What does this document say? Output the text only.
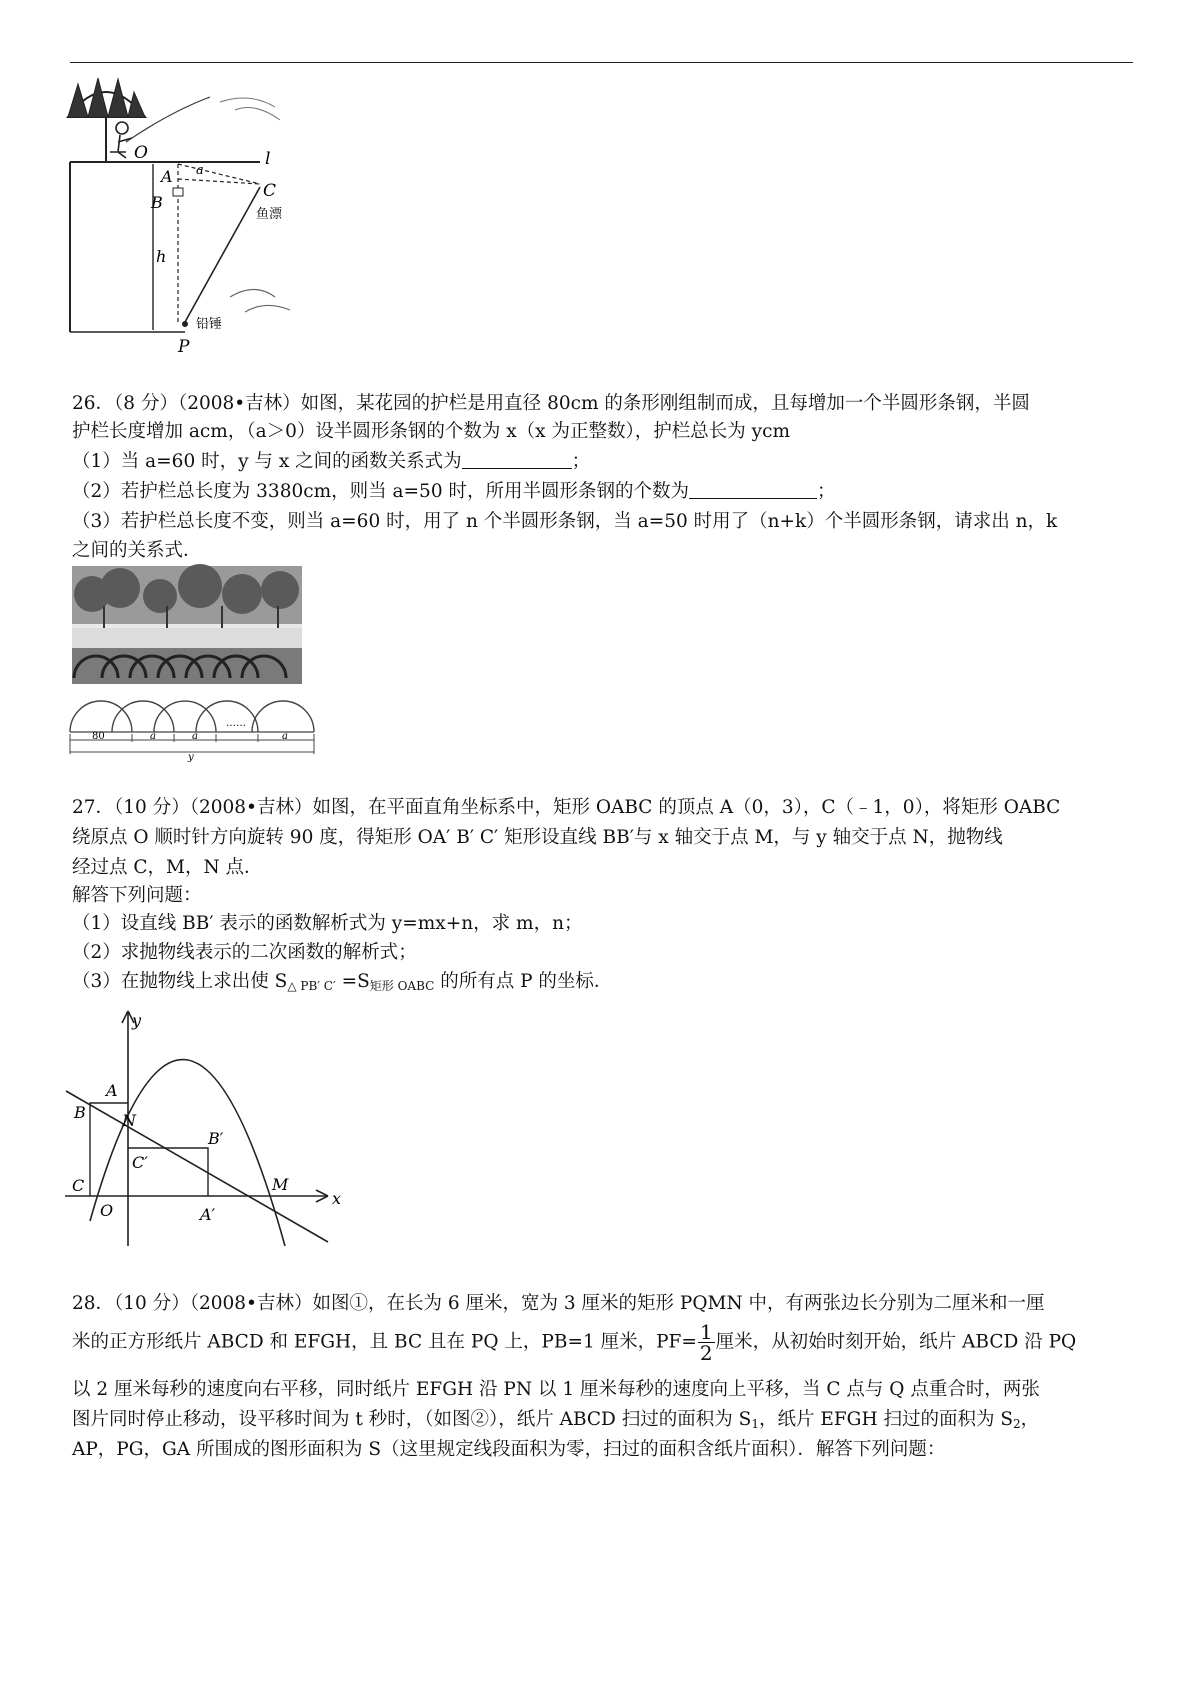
O	l
A a
B
C
鱼漂
h
铅锤
P
26．（8 分）（2008•吉林）如图，某花园的护栏是用直径 80cm 的条形刚组制而成，且每增加一个半圆形条钢，半圆
护栏长度增加 acm，（a＞0）设半圆形条钢的个数为 x（x 为正整数），护栏总长为 ycm
（1）当 a=60 时，y 与 x 之间的函数关系式为	；
（2）若护栏总长度为 3380cm，则当 a=50 时，所用半圆形条钢的个数为	；
（3）若护栏总长度不变，则当 a=60 时，用了 n 个半圆形条钢，当 a=50 时用了（n+k）个半圆形条钢，请求出 n，k
之间的关系式．
80	a	a
……
a
y
27．（10 分）（2008•吉林）如图，在平面直角坐标系中，矩形 OABC 的顶点 A（0，3），C（﹣1，0），将矩形 OABC
绕原点 O 顺时针方向旋转 90 度，得矩形 OA′ B′ C′ 矩形设直线 BB′与 x 轴交于点 M，与 y 轴交于点 N，抛物线
经过点 C，M，N 点．
解答下列问题：
（1）设直线 BB′ 表示的函数解析式为 y=mx+n，求 m，n；
（2）求抛物线表示的二次函数的解析式；
（3）在抛物线上求出使 $S_{\triangle PB' C'} =S_{矩形 OABC}$ 的所有点 P 的坐标．
y
x
A
B N
C′
B′
C
O	A′
M
28．（10 分）（2008•吉林）如图①，在长为 6 厘米，宽为 3 厘米的矩形 PQMN 中，有两张边长分别为二厘米和一厘
米的正方形纸片 ABCD 和 EFGH，且 BC 且在 PQ 上，PB=1 厘米，$PF= \frac{1}{2}$ 厘米，从初始时刻开始，纸片 ABCD 沿 PQ
以 2 厘米每秒的速度向右平移，同时纸片 EFGH 沿 PN 以 1 厘米每秒的速度向上平移，当 C 点与 Q 点重合时，两张
图片同时停止移动，设平移时间为 t 秒时，（如图②），纸片 ABCD 扫过的面积为 $S_1$，纸片 EFGH 扫过的面积为 $S_2$，
AP，PG，GA 所围成的图形面积为 S（这里规定线段面积为零，扫过的面积含纸片面积）．解答下列问题：
